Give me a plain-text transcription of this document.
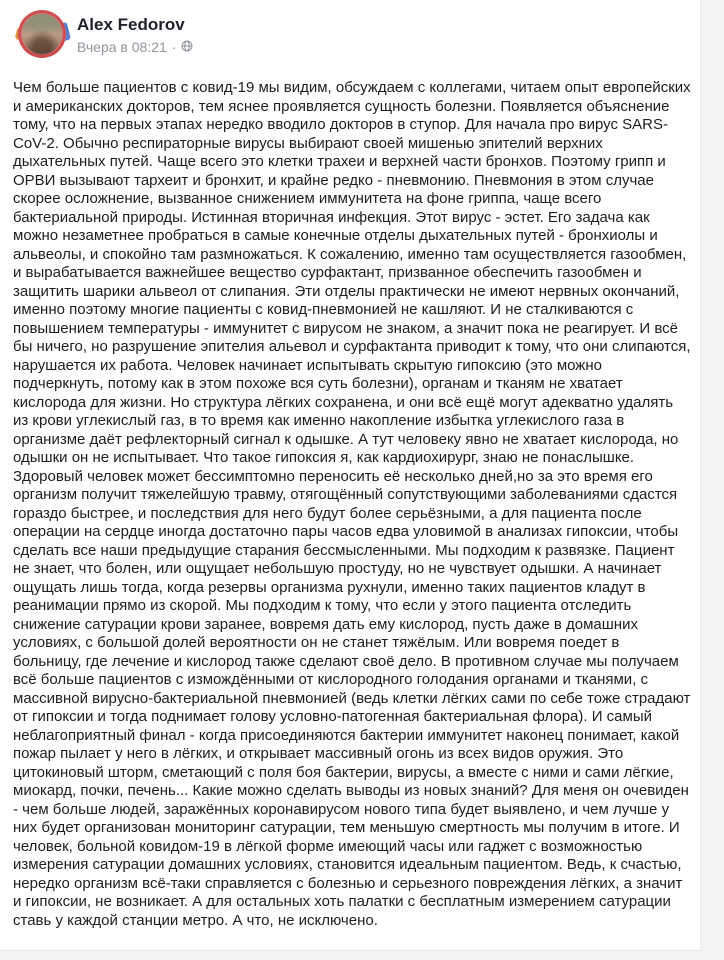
Alex Fedorov
Вчера в 08:21 ·
Чем больше пациентов с ковид-19 мы видим, обсуждаем с коллегами, читаем опыт европейских и американских докторов, тем яснее проявляется сущность болезни. Появляется объяснение тому, что на первых этапах нередко вводило докторов в ступор. Для начала про вирус SARS-CoV-2. Обычно респираторные вирусы выбирают своей мишенью эпителий верхних дыхательных путей. Чаще всего это клетки трахеи и верхней части бронхов. Поэтому грипп и ОРВИ вызывают тархеит и бронхит, и крайне редко - пневмонию. Пневмония в этом случае скорее осложнение, вызванное снижением иммунитета на фоне гриппа, чаще всего бактериальной природы. Истинная вторичная инфекция. Этот вирус - эстет. Его задача как можно незаметнее пробраться в самые конечные отделы дыхательных путей - бронхиолы и альвеолы, и спокойно там размножаться. К сожалению, именно там осуществляется газообмен, и вырабатывается важнейшее вещество сурфактант, призванное обеспечить газообмен и защитить шарики альвеол от слипания. Эти отделы практически не имеют нервных окончаний, именно поэтому многие пациенты с ковид-пневмонией не кашляют. И не сталкиваются с повышением температуры - иммунитет с вирусом не знаком, а значит пока не реагирует. И всё бы ничего, но разрушение эпителия альевол и сурфактанта приводит к тому, что они слипаются, нарушается их работа. Человек начинает испытывать скрытую гипоксию (это можно подчеркнуть, потому как в этом похоже вся суть болезни), органам и тканям не хватает кислорода для жизни. Но структура лёгких сохранена, и они всё ещё могут адекватно удалять из крови углекислый газ, в то время как именно накопление избытка углекислого газа в организме даёт рефлекторный сигнал к одышке. А тут человеку явно не хватает кислорода, но одышки он не испытывает. Что такое гипоксия я, как кардиохирург, знаю не понаслышке. Здоровый человек может бессимптомно переносить её несколько дней,но за это время его организм получит тяжелейшую травму, отягощённый сопутствующими заболеваниями сдастся гораздо быстрее, и последствия для него будут более серьёзными, а для пациента после операции на сердце иногда достаточно пары часов едва уловимой в анализах гипоксии, чтобы сделать все наши предыдущие старания бессмысленными. Мы подходим к развязке. Пациент не знает, что болен, или ощущает небольшую простуду, но не чувствует одышки. А начинает ощущать лишь тогда, когда резервы организма рухнули, именно таких пациентов кладут в реанимации прямо из скорой. Мы подходим к тому, что если у этого пациента отследить снижение сатурации крови заранее, вовремя дать ему кислород, пусть даже в домашних условиях, с большой долей вероятности он не станет тяжёлым. Или вовремя поедет в больницу, где лечение и кислород также сделают своё дело. В противном случае мы получаем всё больше пациентов с измождёнными от кислородного голодания органами и тканями, с массивной вирусно-бактериальной пневмонией (ведь клетки лёгких сами по себе тоже страдают от гипоксии и тогда поднимает голову условно-патогенная бактериальная флора). И самый неблагоприятный финал - когда присоединяются бактерии иммунитет наконец понимает, какой пожар пылает у него в лёгких, и открывает массивный огонь из всех видов оружия. Это цитокиновый шторм, сметающий с поля боя бактерии, вирусы, а вместе с ними и сами лёгкие, миокард, почки, печень... Какие можно сделать выводы из новых знаний? Для меня он очевиден - чем больше людей, заражённых коронавирусом нового типа будет выявлено, и чем лучше у них будет организован мониторинг сатурации, тем меньшую смертность мы получим в итоге. И человек, больной ковидом-19 в лёгкой форме имеющий часы или гаджет с возможностью измерения сатурации домашних условиях, становится идеальным пациентом. Ведь, к счастью, нередко организм всё-таки справляется с болезнью и серьезного повреждения лёгких, а значит и гипоксии, не возникает. А для остальных хоть палатки с бесплатным измерением сатурации ставь у каждой станции метро. А что, не исключено.
